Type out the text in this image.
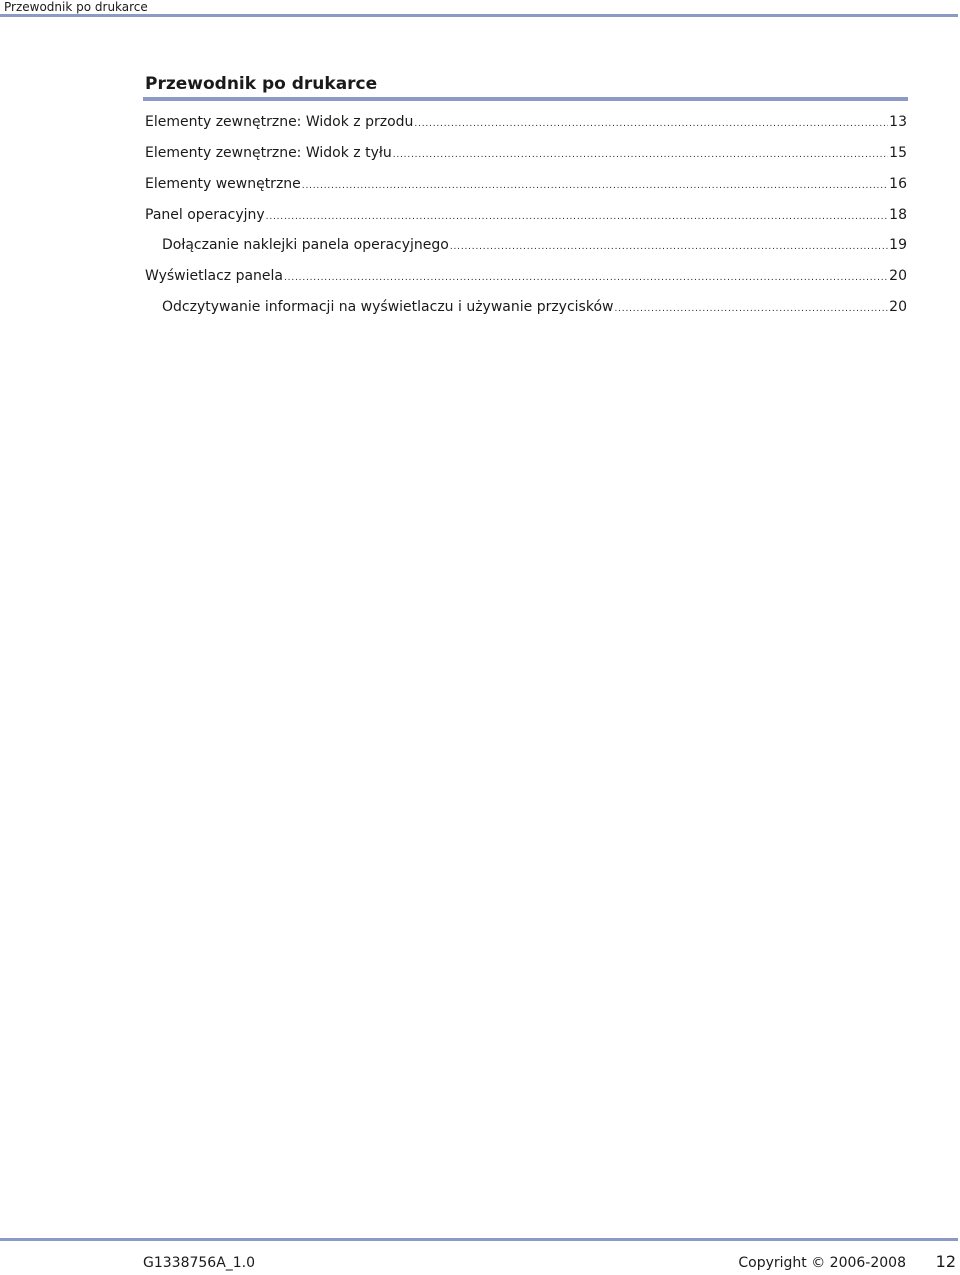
Przewodnik po drukarce
Przewodnik po drukarce
Elementy zewnętrzne: Widok z przodu .....	13
Elementy zewnętrzne: Widok z tyłu .....	15
Elementy wewnętrzne .....	16
Panel operacyjny .....	18
Dołączanie naklejki panela operacyjnego .....	19
Wyświetlacz panela .....	20
Odczytywanie informacji na wyświetlaczu i używanie przycisków .....	20
G1338756A_1.0	Copyright © 2006-2008 12
